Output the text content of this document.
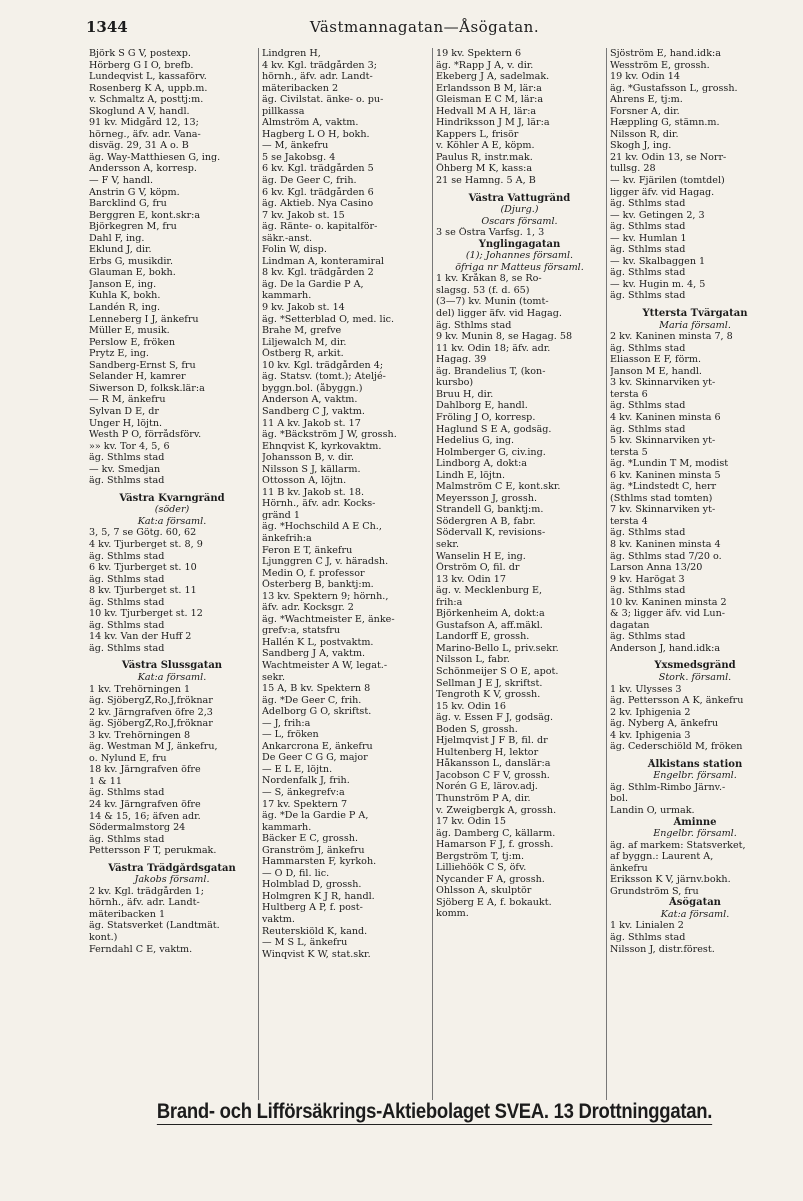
1344	Västmannagatan—Åsögatan.
Björk S G V, postexp.
Hörberg G I O, brefb.
Lundeqvist L, kassaförv.
Rosenberg K A, uppb.m.
v. Schmaltz A, posttj:m.
Skoglund A V, handl.
91 kv. Midgård 12, 13;
hörneg., äfv. adr. Vana-
disväg. 29, 31 A o. B
äg. Way-Matthiesen G, ing.
Andersson A, korresp.
— F V, handl.
Anstrin G V, köpm.
Barcklind G, fru
Berggren E, kont.skr:a
Björkegren M, fru
Dahl F, ing.
Eklund J, dir.
Erbs G, musikdir.
Glauman E, bokh.
Janson E, ing.
Kuhla K, bokh.
Landén R, ing.
Lenneberg I J, änkefru
Müller E, musik.
Perslow E, fröken
Prytz E, ing.
Sandberg-Ernst S, fru
Selander H, kamrer
Siwerson D, folksk.lär:a
— R M, änkefru
Sylvan D E, dr
Unger H, löjtn.
Westh P O, förrådsförv.
»» kv. Tor 4, 5, 6
äg. Sthlms stad
— kv. Smedjan
äg. Sthlms stad
Västra Kvarngränd
(söder)
Kat:a församl.
3, 5, 7 se Götg. 60, 62
4 kv. Tjurberget st. 8, 9
äg. Sthlms stad
6 kv. Tjurberget st. 10
äg. Sthlms stad
8 kv. Tjurberget st. 11
äg. Sthlms stad
10 kv. Tjurberget st. 12
äg. Sthlms stad
14 kv. Van der Huff 2
äg. Sthlms stad
Västra Slussgatan
Kat:a församl.
1 kv. Trehörningen 1
äg. SjöbergZ,Ro.J,fröknar
2 kv. Järngrafven öfre 2,3
äg. SjöbergZ,Ro.J,fröknar
3 kv. Trehörningen 8
äg. Westman M J, änkefru,
o. Nylund E, fru
18 kv. Järngrafven öfre
1 & 11
äg. Sthlms stad
24 kv. Järngrafven öfre
14 & 15, 16; äfven adr.
Södermalmstorg 24
äg. Sthlms stad
Pettersson F T, perukmak.
Västra Trädgårdsgatan
Jakobs församl.
2 kv. Kgl. trädgården 1;
hörnh., äfv. adr. Landt-
mäteribacken 1
äg. Statsverket (Landtmät.
kont.)
Ferndahl C E, vaktm.
Lindgren H,
4 kv. Kgl. trädgården 3;
hörnh., äfv. adr. Landt-
mäteribacken 2
äg. Civilstat. änke- o. pu-
pillkassa
Almström A, vaktm.
Hagberg L O H, bokh.
— M, änkefru
5 se Jakobsg. 4
6 kv. Kgl. trädgården 5
äg. De Geer C, frih.
6 kv. Kgl. trädgården 6
äg. Aktieb. Nya Casino
7 kv. Jakob st. 15
äg. Ränte- o. kapitalför-
säkr.-anst.
Folin W, disp.
Lindman A, konteramiral
8 kv. Kgl. trädgården 2
äg. De la Gardie P A,
kammarh.
9 kv. Jakob st. 14
äg. *Setterblad O, med. lic.
Brahe M, grefve
Liljewalch M, dir.
Östberg R, arkit.
10 kv. Kgl. trädgården 4;
äg. Statsv. (tomt.); Ateljé-
byggn.bol. (åbyggn.)
Anderson A, vaktm.
Sandberg C J, vaktm.
11 A kv. Jakob st. 17
äg. *Bäckström J W, grossh.
Ehnqvist K, kyrkovaktm.
Johansson B, v. dir.
Nilsson S J, källarm.
Ottosson A, löjtn.
11 B kv. Jakob st. 18.
Hörnh., äfv. adr. Kocks-
gränd 1
äg. *Hochschild A E Ch.,
änkefrih:a
Feron E T, änkefru
Ljunggren C J, v. häradsh.
Medin O, f. professor
Österberg B, banktj:m.
13 kv. Spektern 9; hörnh.,
äfv. adr. Kocksgr. 2
äg. *Wachtmeister E, änke-
grefv:a, statsfru
Hallén K L, postvaktm.
Sandberg J A, vaktm.
Wachtmeister A W, legat.-
sekr.
15 A, B kv. Spektern 8
äg. *De Geer C, frih.
Adelborg G O, skriftst.
— J, frih:a
— L, fröken
Ankarcrona E, änkefru
De Geer C G G, major
— E L E, löjtn.
Nordenfalk J, frih.
— S, änkegrefv:a
17 kv. Spektern 7
äg. *De la Gardie P A,
kammarh.
Bäcker E C, grossh.
Granström J, änkefru
Hammarsten F, kyrkoh.
— O D, fil. lic.
Holmblad D, grossh.
Holmgren K J R, handl.
Hultberg A P, f. post-
vaktm.
Reuterskiöld K, kand.
— M S L, änkefru
Winqvist K W, stat.skr.
19 kv. Spektern 6
äg. *Rapp J A, v. dir.
Ekeberg J A, sadelmak.
Erlandsson B M, lär:a
Gleisman E C M, lär:a
Hedvall M A H, lär:a
Hindriksson J M J, lär:a
Kappers L, frisör
v. Köhler A E, köpm.
Paulus R, instr.mak.
Öhberg M K, kass:a
21 se Hamng. 5 A, B
Västra Vattugränd
(Djurg.)
Oscars församl.
3 se Östra Varfsg. 1, 3
Ynglingagatan
(1); Johannes församl.
öfriga nr Matteus församl.
1 kv. Kråkan 8, se Ro-
slagsg. 53 (f. d. 65)
(3—7) kv. Munin (tomt-
del) ligger äfv. vid Hagag.
äg. Sthlms stad
9 kv. Munin 8, se Hagag. 58
11 kv. Odin 18; äfv. adr.
Hagag. 39
äg. Brandelius T, (kon-
kursbo)
Bruu H, dir.
Dahlborg E, handl.
Fröling J O, korresp.
Haglund S E A, godsäg.
Hedelius G, ing.
Holmberger G, civ.ing.
Lindborg A, dokt:a
Lindh E, löjtn.
Malmström C E, kont.skr.
Meyersson J, grossh.
Strandell G, banktj:m.
Södergren A B, fabr.
Södervall K, revisions-
sekr.
Wanselin H E, ing.
Örström O, fil. dr
13 kv. Odin 17
äg. v. Mecklenburg E,
frih:a
Björkenheim A, dokt:a
Gustafson A, aff.mäkl.
Landorff E, grossh.
Marino-Bello L, priv.sekr.
Nilsson L, fabr.
Schönmeijer S O E, apot.
Sellman J E J, skriftst.
Tengroth K V, grossh.
15 kv. Odin 16
äg. v. Essen F J, godsäg.
Boden S, grossh.
Hjelmqvist J F B, fil. dr
Hultenberg H, lektor
Håkansson L, danslär:a
Jacobson C F V, grossh.
Norén G E, lärov.adj.
Thunström P A, dir.
v. Zweigbergk A, grossh.
17 kv. Odin 15
äg. Damberg C, källarm.
Hamarson F J, f. grossh.
Bergström T, tj:m.
Lilliehöök C S, öfv.
Nycander F A, grossh.
Ohlsson A, skulptör
Sjöberg E A, f. bokaukt.
komm.
Sjöström E, hand.idk:a
Wesström E, grossh.
19 kv. Odin 14
äg. *Gustafsson L, grossh.
Ahrens E, tj:m.
Forsner A, dir.
Hæppling G, stämn.m.
Nilsson R, dir.
Skogh J, ing.
21 kv. Odin 13, se Norr-
tullsg. 28
— kv. Fjärilen (tomtdel)
ligger äfv. vid Hagag.
äg. Sthlms stad
— kv. Getingen 2, 3
äg. Sthlms stad
— kv. Humlan 1
äg. Sthlms stad
— kv. Skalbaggen 1
äg. Sthlms stad
— kv. Hugin m. 4, 5
äg. Sthlms stad
Yttersta Tvärgatan
Maria församl.
2 kv. Kaninen minsta 7, 8
äg. Sthlms stad
Eliasson E F, förm.
Janson M E, handl.
3 kv. Skinnarviken yt-
tersta 6
äg. Sthlms stad
4 kv. Kaninen minsta 6
äg. Sthlms stad
5 kv. Skinnarviken yt-
tersta 5
äg. *Lundin T M, modist
6 kv. Kaninen minsta 5
äg. *Lindstedt C, herr
(Sthlms stad tomten)
7 kv. Skinnarviken yt-
tersta 4
äg. Sthlms stad
8 kv. Kaninen minsta 4
äg. Sthlms stad 7/20 o.
Larson Anna 13/20
9 kv. Harögat 3
äg. Sthlms stad
10 kv. Kaninen minsta 2
& 3; ligger äfv. vid Lun-
dagatan
äg. Sthlms stad
Anderson J, hand.idk:a
Yxsmedsgränd
Stork. församl.
1 kv. Ulysses 3
äg. Pettersson A K, änkefru
2 kv. Iphigenia 2
äg. Nyberg A, änkefru
4 kv. Iphigenia 3
äg. Cederschiöld M, fröken
Ålkistans station
Engelbr. församl.
äg. Sthlm-Rimbo Järnv.-
bol.
Landin O, urmak.
Åminne
Engelbr. församl.
äg. af markem: Statsverket,
af byggn.: Laurent A,
änkefru
Eriksson K V, järnv.bokh.
Grundström S, fru
Åsögatan
Kat:a församl.
1 kv. Linialen 2
äg. Sthlms stad
Nilsson J, distr.förest.
Brand- och Lifförsäkrings-Aktiebolaget SVEA. 13 Drottninggatan.
